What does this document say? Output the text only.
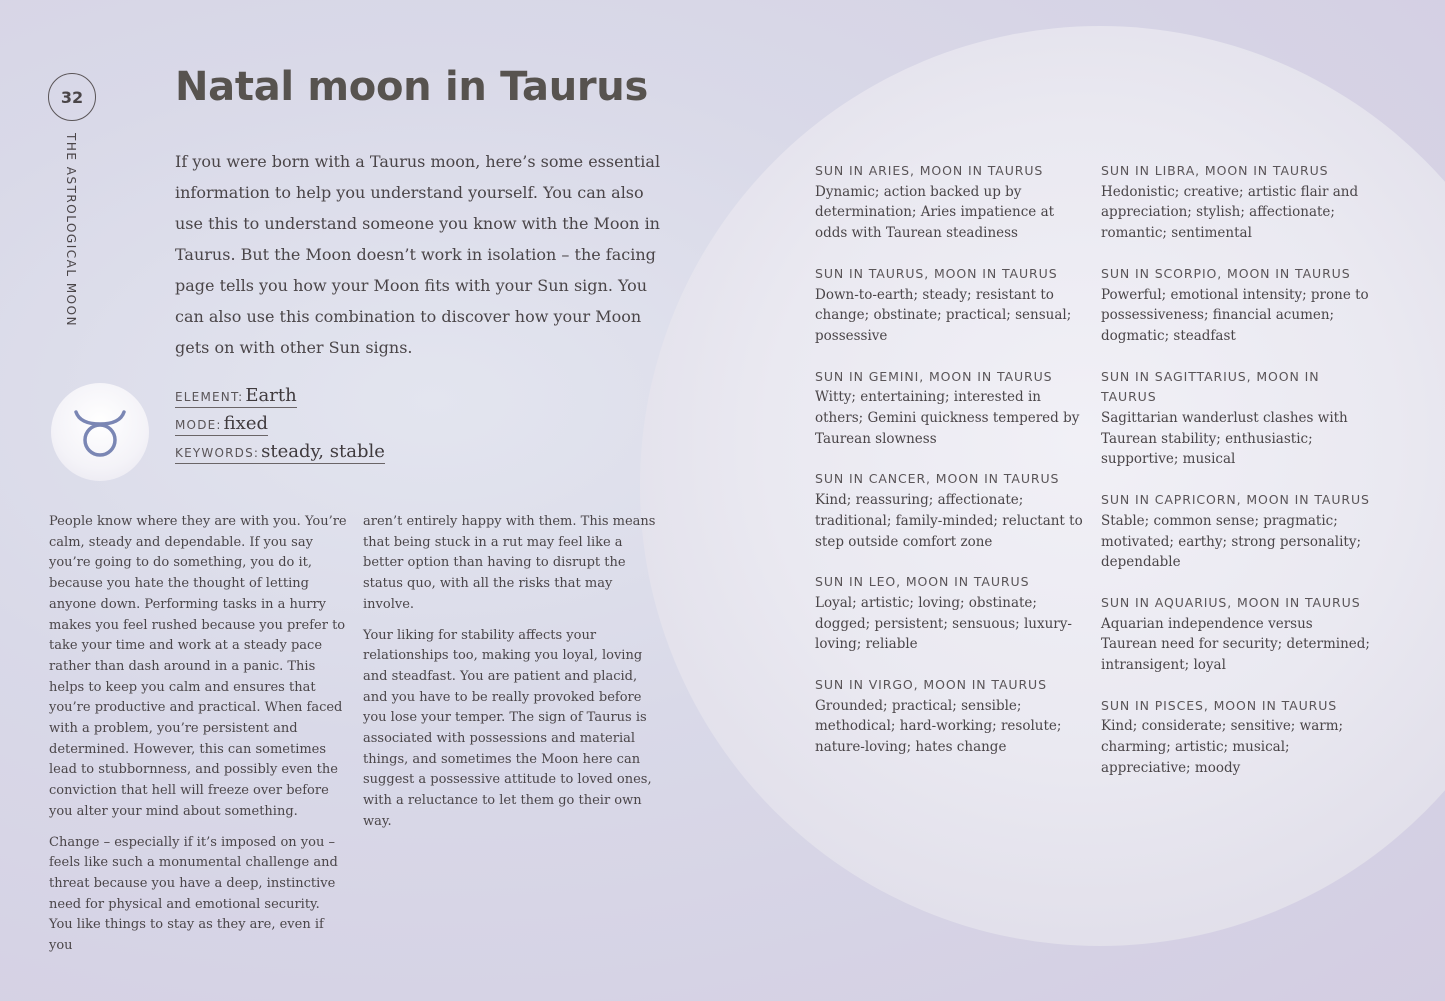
32
THE ASTROLOGICAL MOON
Natal moon in Taurus

If you were born with a Taurus moon, here’s some essential information to help you understand yourself. You can also use this to understand someone you know with the Moon in Taurus. But the Moon doesn’t work in isolation – the facing page tells you how your Moon fits with your Sun sign. You can also use this combination to discover how your Moon gets on with other Sun signs.

ELEMENT: Earth
MODE: fixed
KEYWORDS: steady, stable

People know where they are with you. You’re calm, steady and dependable. If you say you’re going to do something, you do it, because you hate the thought of letting anyone down. Performing tasks in a hurry makes you feel rushed because you prefer to take your time and work at a steady pace rather than dash around in a panic. This helps to keep you calm and ensures that you’re productive and practical. When faced with a problem, you’re persistent and determined. However, this can sometimes lead to stubbornness, and possibly even the conviction that hell will freeze over before you alter your mind about something.

Change – especially if it’s imposed on you – feels like such a monumental challenge and threat because you have a deep, instinctive need for physical and emotional security. You like things to stay as they are, even if you

aren’t entirely happy with them. This means that being stuck in a rut may feel like a better option than having to disrupt the status quo, with all the risks that may involve.

Your liking for stability affects your relationships too, making you loyal, loving and steadfast. You are patient and placid, and you have to be really provoked before you lose your temper. The sign of Taurus is associated with possessions and material things, and sometimes the Moon here can suggest a possessive attitude to loved ones, with a reluctance to let them go their own way.

SUN IN ARIES, MOON IN TAURUS
Dynamic; action backed up by determination; Aries impatience at odds with Taurean steadiness
SUN IN TAURUS, MOON IN TAURUS
Down-to-earth; steady; resistant to change; obstinate; practical; sensual; possessive
SUN IN GEMINI, MOON IN TAURUS
Witty; entertaining; interested in others; Gemini quickness tempered by Taurean slowness
SUN IN CANCER, MOON IN TAURUS
Kind; reassuring; affectionate; traditional; family-minded; reluctant to step outside comfort zone
SUN IN LEO, MOON IN TAURUS
Loyal; artistic; loving; obstinate; dogged; persistent; sensuous; luxury-loving; reliable
SUN IN VIRGO, MOON IN TAURUS
Grounded; practical; sensible; methodical; hard-working; resolute; nature-loving; hates change
SUN IN LIBRA, MOON IN TAURUS
Hedonistic; creative; artistic flair and appreciation; stylish; affectionate; romantic; sentimental
SUN IN SCORPIO, MOON IN TAURUS
Powerful; emotional intensity; prone to possessiveness; financial acumen; dogmatic; steadfast
SUN IN SAGITTARIUS, MOON IN TAURUS
Sagittarian wanderlust clashes with Taurean stability; enthusiastic; supportive; musical
SUN IN CAPRICORN, MOON IN TAURUS
Stable; common sense; pragmatic; motivated; earthy; strong personality; dependable
SUN IN AQUARIUS, MOON IN TAURUS
Aquarian independence versus Taurean need for security; determined; intransigent; loyal
SUN IN PISCES, MOON IN TAURUS
Kind; considerate; sensitive; warm; charming; artistic; musical; appreciative; moody
